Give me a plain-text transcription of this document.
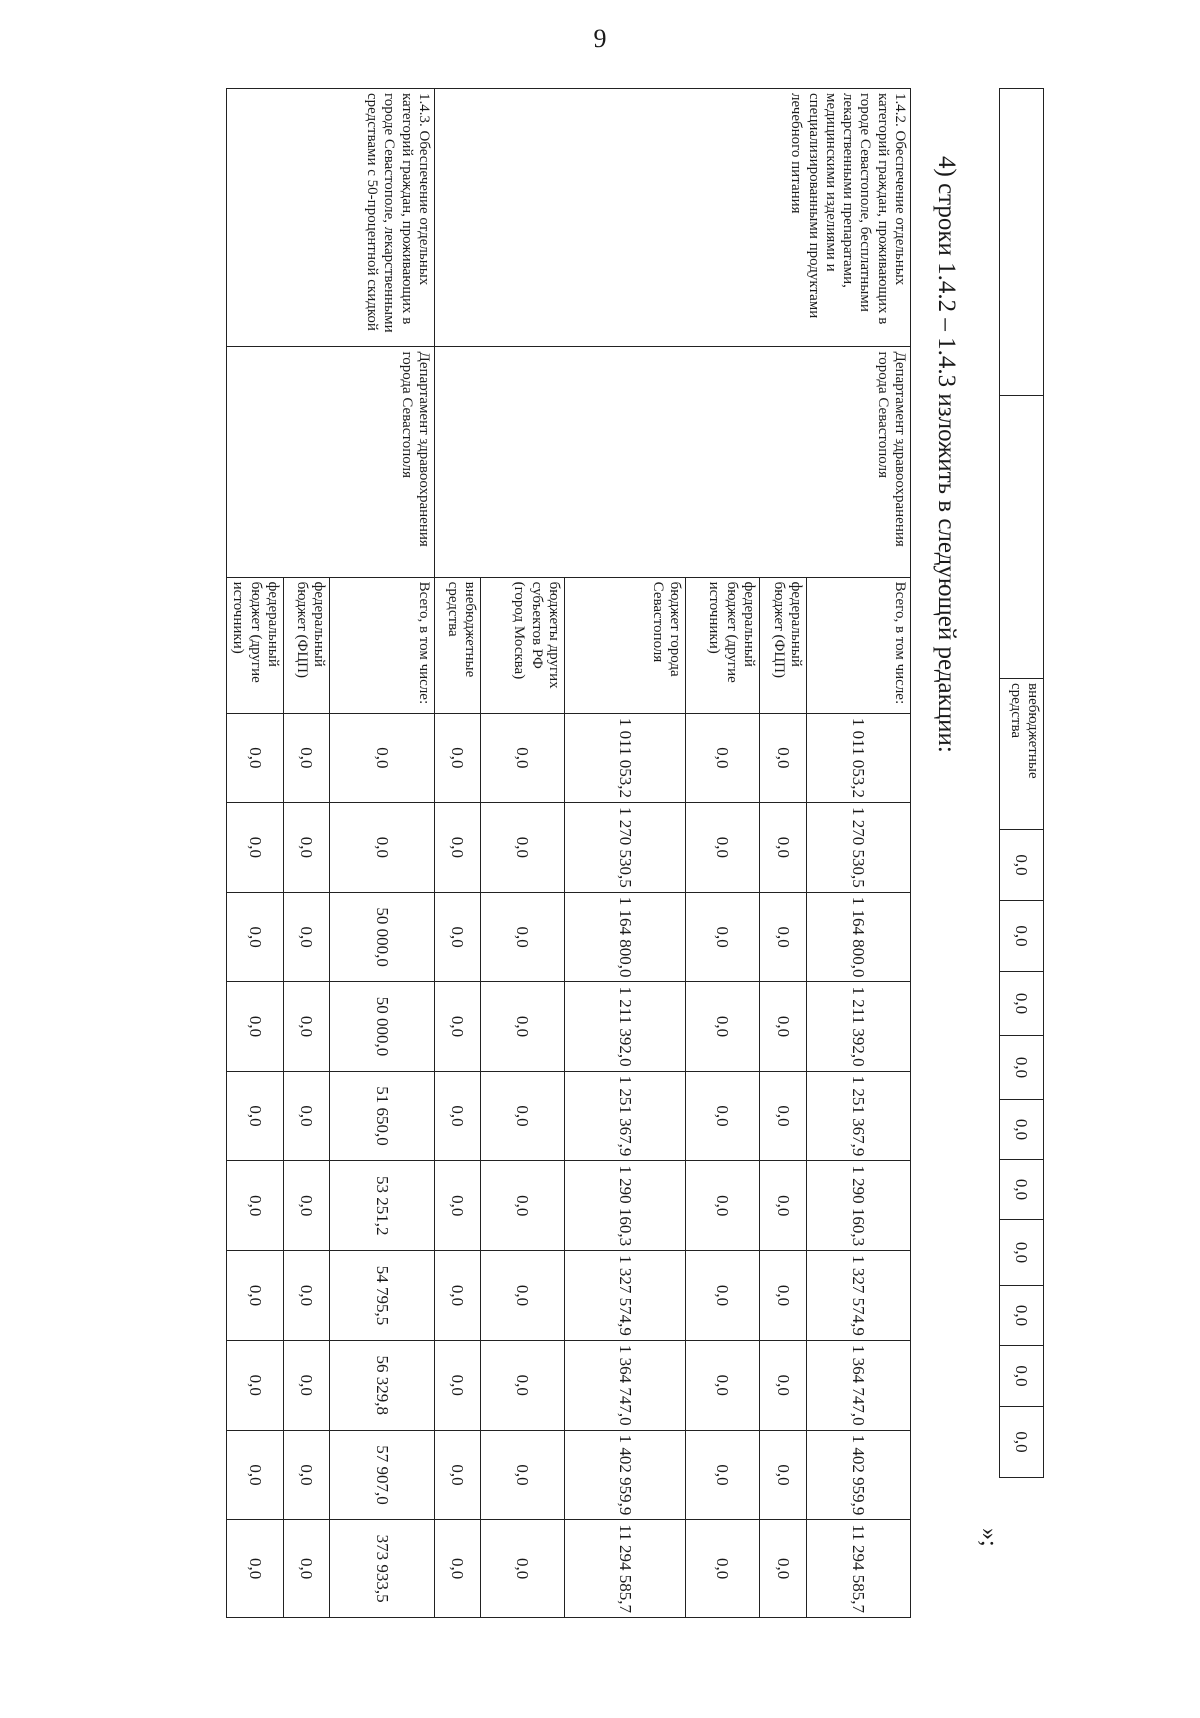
9
		внебюджетные средства	0,0	0,0	0,0	0,0	0,0	0,0	0,0	0,0	0,0	0,0
4) строки 1.4.2 – 1.4.3 изложить в следующей редакции:
»;
1.4.2. Обеспечение отдельных категорий граждан, проживающих в городе Севастополе, бесплатными лекарственными препаратами, медицинскими изделиями и специализированными продуктами лечебного питания	Департамент здравоохранения города Севастополя	Всего, в том числе:	1 011 053,2	1 270 530,5	1 164 800,0	1 211 392,0	1 251 367,9	1 290 160,3	1 327 574,9	1 364 747,0	1 402 959,9	11 294 585,7
		федеральный бюджет (ФЦП)	0,0	0,0	0,0	0,0	0,0	0,0	0,0	0,0	0,0	0,0
		федеральный бюджет (другие источники)	0,0	0,0	0,0	0,0	0,0	0,0	0,0	0,0	0,0	0,0
		бюджет города Севастополя	1 011 053,2	1 270 530,5	1 164 800,0	1 211 392,0	1 251 367,9	1 290 160,3	1 327 574,9	1 364 747,0	1 402 959,9	11 294 585,7
		бюджеты других субъектов РФ (город Москва)	0,0	0,0	0,0	0,0	0,0	0,0	0,0	0,0	0,0	0,0
		внебюджетные средства	0,0	0,0	0,0	0,0	0,0	0,0	0,0	0,0	0,0	0,0
1.4.3. Обеспечение отдельных категорий граждан, проживающих в городе Севастополе, лекарственными средствами с 50-процентной скидкой	Департамент здравоохранения города Севастополя	Всего, в том числе:	0,0	0,0	50 000,0	50 000,0	51 650,0	53 251,2	54 795,5	56 329,8	57 907,0	373 933,5
		федеральный бюджет (ФЦП)	0,0	0,0	0,0	0,0	0,0	0,0	0,0	0,0	0,0	0,0
		федеральный бюджет (другие источники)	0,0	0,0	0,0	0,0	0,0	0,0	0,0	0,0	0,0	0,0
